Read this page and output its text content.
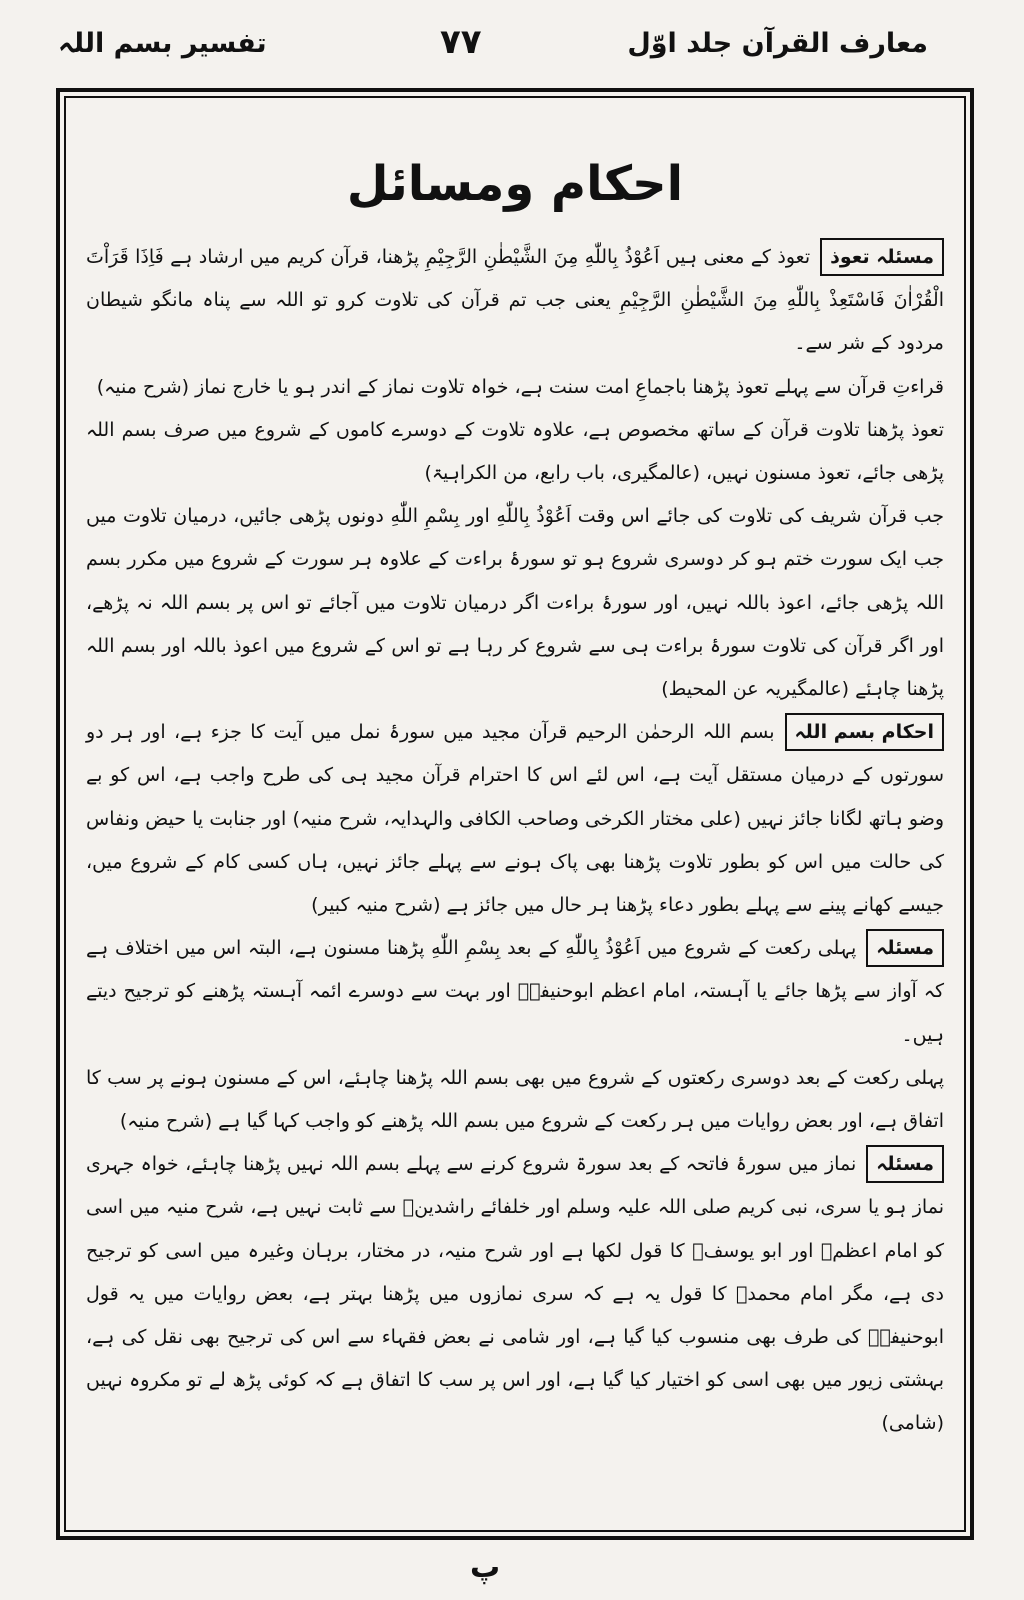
معارف القرآن جلد اوّل
۷۷
تفسیر بسم اللہ
احکام ومسائل

مسئلہ تعوذتعوذ کے معنی ہیں اَعُوْذُ بِاللّٰهِ مِنَ الشَّيْطٰنِ الرَّجِيْمِ پڑھنا، قرآن کریم میں ارشاد ہے فَاِذَا قَرَاْتَ الْقُرْاٰنَ فَاسْتَعِذْ بِاللّٰهِ مِنَ الشَّيْطٰنِ الرَّجِيْمِ یعنی جب تم قرآن کی تلاوت کرو تو اللہ سے پناہ مانگو شیطان مردود کے شر سے۔

قراءتِ قرآن سے پہلے تعوذ پڑھنا باجماعِ امت سنت ہے، خواہ تلاوت نماز کے اندر ہو یا خارج نماز (شرح منیہ)

تعوذ پڑھنا تلاوت قرآن کے ساتھ مخصوص ہے، علاوہ تلاوت کے دوسرے کاموں کے شروع میں صرف بسم اللہ پڑھی جائے، تعوذ مسنون نہیں، (عالمگیری، باب رابع، من الکراہیۃ)

جب قرآن شریف کی تلاوت کی جائے اس وقت اَعُوْذُ بِاللّٰهِ اور بِسْمِ اللّٰهِ دونوں پڑھی جائیں، درمیان تلاوت میں جب ایک سورت ختم ہو کر دوسری شروع ہو تو سورۂ براءت کے علاوہ ہر سورت کے شروع میں مکرر بسم اللہ پڑھی جائے، اعوذ باللہ نہیں، اور سورۂ براءت اگر درمیان تلاوت میں آجائے تو اس پر بسم اللہ نہ پڑھے، اور اگر قرآن کی تلاوت سورۂ براءت ہی سے شروع کر رہا ہے تو اس کے شروع میں اعوذ باللہ اور بسم اللہ پڑھنا چاہئے (عالمگیریہ عن المحیط)

احکام بسم اللہبسم اللہ الرحمٰن الرحیم قرآن مجید میں سورۂ نمل میں آیت کا جزء ہے، اور ہر دو سورتوں کے درمیان مستقل آیت ہے، اس لئے اس کا احترام قرآن مجید ہی کی طرح واجب ہے، اس کو بے وضو ہاتھ لگانا جائز نہیں (علی مختار الکرخی وصاحب الکافی والہدایہ، شرح منیہ) اور جنابت یا حیض ونفاس کی حالت میں اس کو بطور تلاوت پڑھنا بھی پاک ہونے سے پہلے جائز نہیں، ہاں کسی کام کے شروع میں، جیسے کھانے پینے سے پہلے بطور دعاء پڑھنا ہر حال میں جائز ہے (شرح منیہ کبیر)

مسئلہپہلی رکعت کے شروع میں اَعُوْذُ بِاللّٰهِ کے بعد بِسْمِ اللّٰهِ پڑھنا مسنون ہے، البتہ اس میں اختلاف ہے کہ آواز سے پڑھا جائے یا آہستہ، امام اعظم ابوحنیفہؒ اور بہت سے دوسرے ائمہ آہستہ پڑھنے کو ترجیح دیتے ہیں۔

پہلی رکعت کے بعد دوسری رکعتوں کے شروع میں بھی بسم اللہ پڑھنا چاہئے، اس کے مسنون ہونے پر سب کا اتفاق ہے، اور بعض روایات میں ہر رکعت کے شروع میں بسم اللہ پڑھنے کو واجب کہا گیا ہے (شرح منیہ)

مسئلہنماز میں سورۂ فاتحہ کے بعد سورۃ شروع کرنے سے پہلے بسم اللہ نہیں پڑھنا چاہئے، خواہ جہری نماز ہو یا سری، نبی کریم صلی اللہ علیہ وسلم اور خلفائے راشدینؓ سے ثابت نہیں ہے، شرح منیہ میں اسی کو امام اعظمؒ اور ابو یوسفؒ کا قول لکھا ہے اور شرح منیہ، در مختار، برہان وغیرہ میں اسی کو ترجیح دی ہے، مگر امام محمدؒ کا قول یہ ہے کہ سری نمازوں میں پڑھنا بہتر ہے، بعض روایات میں یہ قول ابوحنیفہؒ کی طرف بھی منسوب کیا گیا ہے، اور شامی نے بعض فقہاء سے اس کی ترجیح بھی نقل کی ہے، بہشتی زیور میں بھی اسی کو اختیار کیا گیا ہے، اور اس پر سب کا اتفاق ہے کہ کوئی پڑھ لے تو مکروہ نہیں (شامی)

پ
